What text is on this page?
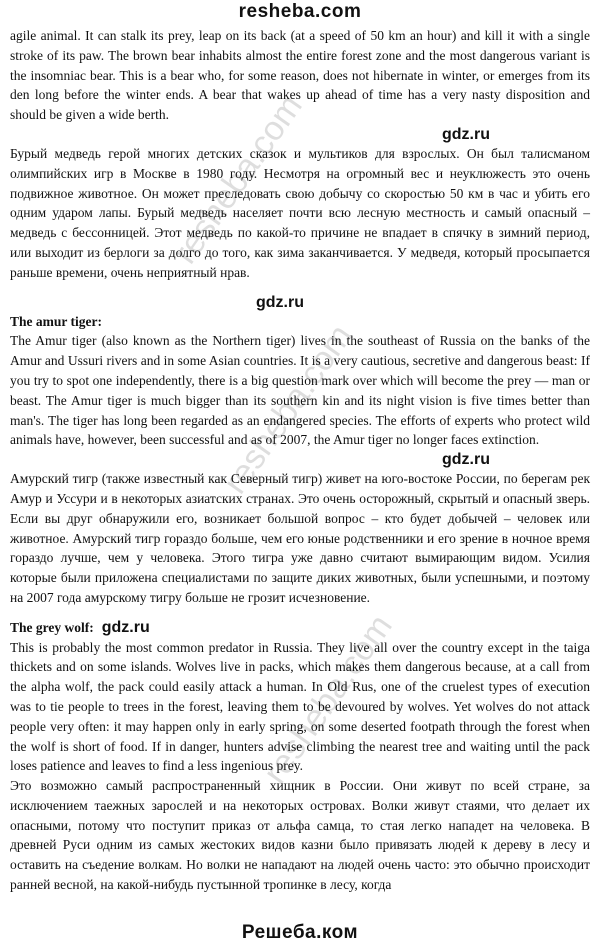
resheba.com
resheba.com
resheba.com
resheba.com

agile animal. It can stalk its prey, leap on its back (at a speed of 50 km an hour) and kill it with a single stroke of its paw. The brown bear inhabits almost the entire forest zone and the most dangerous variant is the insomniac bear. This is a bear who, for some reason, does not hibernate in winter, or emerges from its den long before the winter ends. A bear that wakes up ahead of time has a very nasty disposition and should be given a wide berth.

gdz.ru

Бурый медведь герой многих детских сказок и мультиков для взрослых. Он был талисманом олимпийских игр в Москве в 1980 году. Несмотря на огромный вес и неуклюжесть это очень подвижное животное. Он может преследовать свою добычу со скоростью 50 км в час и убить его одним ударом лапы. Бурый медведь населяет почти всю лесную местность и самый опасный – медведь с бессонницей. Этот медведь по какой-то причине не впадает в спячку в зимний период, или выходит из берлоги за долго до того, как зима заканчивается. У медведя, который просыпается раньше времени, очень неприятный нрав.

gdz.ru

The amur tiger:

The Amur tiger (also known as the Northern tiger) lives in the southeast of Russia on the banks of the Amur and Ussuri rivers and in some Asian countries. It is a very cautious, secretive and dangerous beast: If you try to spot one independently, there is a big question mark over which will become the prey — man or beast. The Amur tiger is much bigger than its southern kin and its night vision is five times better than man's. The tiger has long been regarded as an endangered species. The efforts of experts who protect wild animals have, however, been successful and as of 2007, the Amur tiger no longer faces extinction.

gdz.ru

Амурский тигр (также известный как Северный тигр) живет на юго-востоке России, по берегам рек Амур и Уссури и в некоторых азиатских странах. Это очень осторожный, скрытый и опасный зверь. Если вы друг обнаружили его, возникает большой вопрос – кто будет добычей – человек или животное. Амурский тигр гораздо больше, чем его юные родственники и его зрение в ночное время гораздо лучше, чем у человека. Этого тигра уже давно считают вымирающим видом. Усилия которые были приложена специалистами по защите диких животных, были успешными, и поэтому на 2007 года амурскому тигру больше не грозит исчезновение.

The grey wolf: gdz.ru

This is probably the most common predator in Russia. They live all over the country except in the taiga thickets and on some islands. Wolves live in packs, which makes them dangerous because, at a call from the alpha wolf, the pack could easily attack a human. In Old Rus, one of the cruelest types of execution was to tie people to trees in the forest, leaving them to be devoured by wolves. Yet wolves do not attack people very often: it may happen only in early spring, on some deserted footpath through the forest when the wolf is short of food. If in danger, hunters advise climbing the nearest tree and waiting until the pack loses patience and leaves to find a less ingenious prey.

Это возможно самый распространенный хищник в России. Они живут по всей стране, за исключением таежных зарослей и на некоторых островах. Волки живут стаями, что делает их опасными, потому что поступит приказ от альфа самца, то стая легко нападет на человека. В древней Руси одним из самых жестоких видов казни было привязать людей к дереву в лесу и оставить на съедение волкам. Но волки не нападают на людей очень часто: это обычно происходит ранней весной, на какой-нибудь пустынной тропинке в лесу, когда

Решеба.ком
